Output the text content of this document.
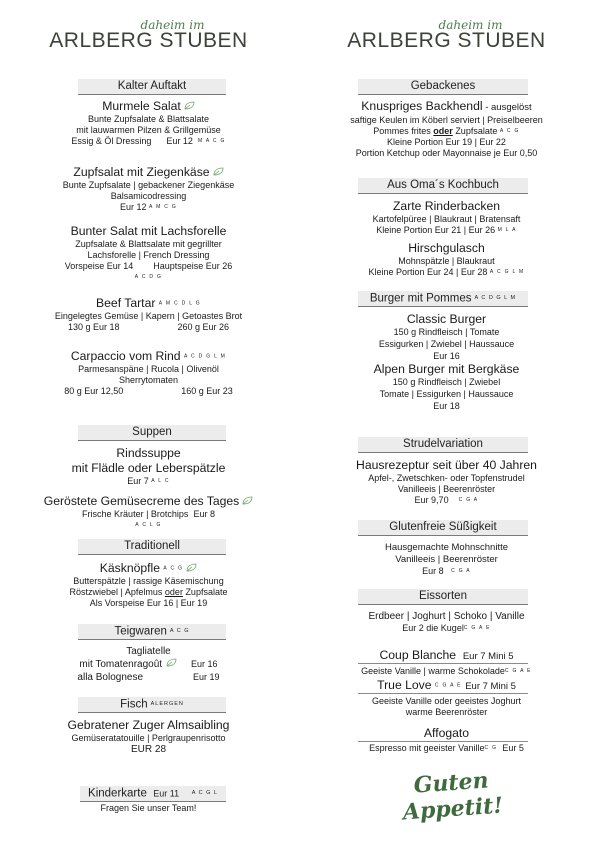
daheim im
ARLBERG STUBEN
Kalter Auftakt
Murmele Salat
Bunte Zupfsalate & Blattsalate
mit lauwarmen Pilzen & Grillgemüse
Essig & Öl Dressing Eur 12 M A C G
Zupfsalat mit Ziegenkäse
Bunte Zupfsalate | gebackener Ziegenkäse
Balsamicodressing
Eur 12 A M C G
Bunter Salat mit Lachsforelle
Zupfsalate & Blattsalate mit gegrillter
Lachsforelle | French Dressing
Vorspeise Eur 14 Hauptspeise Eur 26
A C D G
Beef Tartar A M C D L G
Eingelegtes Gemüse | Kapern | Getoastes Brot
130 g Eur 18	260 g Eur 26
Carpaccio vom Rind A C D G L M
Parmesanspäne | Rucola | Olivenöl
Sherrytomaten
80 g Eur 12,50	160 g Eur 23
Suppen
Rindssuppe
mit Flädle oder Leberspätzle
Eur 7 A L C
Geröstete Gemüsecreme des Tages
Frische Kräuter | Brotchips Eur 8
A C L G
Traditionell
Käsknöpfle A C G
Butterspätzle | rassige Käsemischung
Röstzwiebel | Apfelmus oder Zupfsalate
Als Vorspeise Eur 16 | Eur 19
Teigwaren A C G
Tagliatelle
mit Tomatenragoût	Eur 16
alla Bolognese	Eur 19
Fisch ALERGEN
Gebratener Zuger Almsaibling
Gemüseratatouille | Perlgraupenrisotto
EUR 28
Kinderkarte Eur 11 A C G L
Fragen Sie unser Team!
daheim im
ARLBERG STUBEN
Gebackenes
Knuspriges Backhendl - ausgelöst
saftige Keulen im Köberl serviert | Preiselbeeren
Pommes frites oder Zupfsalate A C G
Kleine Portion Eur 19 | Eur 22
Portion Ketchup oder Mayonnaise je Eur 0,50
Aus Oma´s Kochbuch
Zarte Rinderbacken
Kartofelpüree | Blaukraut | Bratensaft
Kleine Portion Eur 21 | Eur 26 M L A
Hirschgulasch
Mohnspätzle | Blaukraut
Kleine Portion Eur 24 | Eur 28 A C G L M
Burger mit Pommes A C D G L M
Classic Burger
150 g Rindfleisch | Tomate
Essigurken | Zwiebel | Haussauce
Eur 16
Alpen Burger mit Bergkäse
150 g Rindfleisch | Zwiebel
Tomate | Essigurken | Haussauce
Eur 18
Strudelvariation
Hausrezeptur seit über 40 Jahren
Apfel-, Zwetschken- oder Topfenstrudel
Vanilleeis | Beerenröster
Eur 9,70 C G A
Glutenfreie Süßigkeit
Hausgemachte Mohnschnitte
Vanilleeis | Beerenröster
Eur 8 C G A
Eissorten
Erdbeer | Joghurt | Schoko | Vanille
Eur 2 die KugelC G A E
Coup Blanche Eur 7 Mini 5
Geeiste Vanille | warme SchokoladeC G A E
True Love C G A E Eur 7 Mini 5
Geeiste Vanille oder geeistes Joghurt
warme Beerenröster
Affogato
Espresso mit geeister VanilleC G Eur 5
Guten Appetit!
